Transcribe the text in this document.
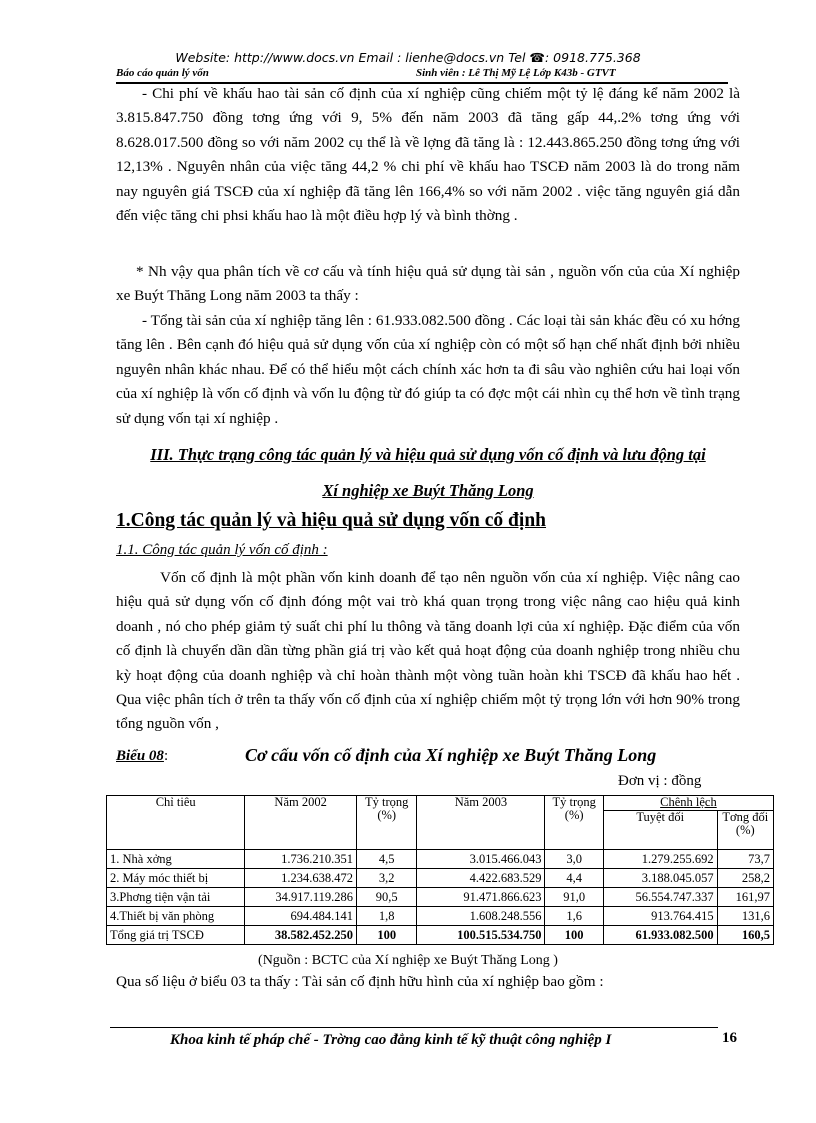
Website: http://www.docs.vn Email : lienhe@docs.vn Tel ☎: 0918.775.368
Báo cáo quản lý vốn	Sinh viên : Lê Thị Mỹ Lệ Lớp K43b - GTVT

- Chi phí về khấu hao tài sản cố định của xí nghiệp cũng chiếm một tỷ lệ đáng kể năm 2002 là 3.815.847.750 đồng tơng ứng với 9, 5% đến năm 2003 đã tăng gấp 44,.2% tơng ứng với 8.628.017.500 đồng so với năm 2002 cụ thể là về lợng đã tăng là : 12.443.865.250 đồng tơng ứng với 12,13% . Nguyên nhân của việc tăng 44,2 % chi phí về khấu hao TSCĐ năm 2003 là do trong năm nay nguyên giá TSCĐ của xí nghiệp đã tăng lên 166,4% so với năm 2002 . việc tăng nguyên giá dẫn đến việc tăng chi phsi khấu hao là một điều hợp lý và bình thờng .

* Nh vậy qua phân tích về cơ cấu và tính hiệu quả sử dụng tài sản , nguồn vốn của của Xí nghiệp xe Buýt Thăng Long năm 2003 ta thấy :

- Tổng tài sản của xí nghiệp tăng lên : 61.933.082.500 đồng . Các loại tài sản khác đều có xu hớng tăng lên . Bên cạnh đó hiệu quả sử dụng vốn của xí nghiệp còn có một số hạn chế nhất định bởi nhiều nguyên nhân khác nhau. Để có thể hiểu một cách chính xác hơn ta đi sâu vào nghiên cứu hai loại vốn của xí nghiệp là vốn cố định và vốn lu động từ đó giúp ta có đợc một cái nhìn cụ thể hơn về tình trạng sử dụng vốn tại xí nghiệp .

III. Thực trạng công tác quản lý và hiệu quả sử dụng vốn cố định và lưu động tại
Xí nghiệp xe Buýt Thăng Long
1.Công tác quản lý và hiệu quả sử dụng vốn cố định
1.1. Công tác quản lý vốn cố định :

Vốn cố định là một phần vốn kinh doanh để tạo nên nguồn vốn của xí nghiệp. Việc nâng cao hiệu quả sử dụng vốn cố định đóng một vai trò khá quan trọng trong việc nâng cao hiệu quả kinh doanh , nó cho phép giảm tỷ suất chi phí lu thông và tăng doanh lợi của xí nghiệp. Đặc điểm của vốn cố định là chuyển dần dần từng phần giá trị vào kết quả hoạt động của doanh nghiệp trong nhiều chu kỳ hoạt động của doanh nghiệp và chỉ hoàn thành một vòng tuần hoàn khi TSCĐ đã khấu hao hết . Qua việc phân tích ở trên ta thấy vốn cố định của xí nghiệp chiếm một tỷ trọng lớn với hơn 90% trong tổng nguồn vốn ,

Biểu 08:	Cơ cấu vốn cố định của Xí nghiệp xe Buýt Thăng Long
Đơn vị : đồng
Chỉ tiêu	Năm 2002	Tỷ trọng (%)	Năm 2003	Tỷ trọng (%)	Chênh lệch	
					Tuyệt đối	Tơng đối (%)
1. Nhà xởng	1.736.210.351	4,5	3.015.466.043	3,0	1.279.255.692	73,7
2. Máy móc thiết bị	1.234.638.472	3,2	4.422.683.529	4,4	3.188.045.057	258,2
3.Phơng tiện vận tải	34.917.119.286	90,5	91.471.866.623	91,0	56.554.747.337	161,97
4.Thiết bị văn phòng	694.484.141	1,8	1.608.248.556	1,6	913.764.415	131,6
Tổng giá trị TSCĐ	38.582.452.250	100	100.515.534.750	100	61.933.082.500	160,5
(Nguồn : BCTC của Xí nghiệp xe Buýt Thăng Long )
Qua số liệu ở biểu 03 ta thấy : Tài sản cố định hữu hình của xí nghiệp bao gồm :
Khoa kinh tế pháp chế - Trờng cao đẳng kinh tế kỹ thuật công nghiệp I	16
